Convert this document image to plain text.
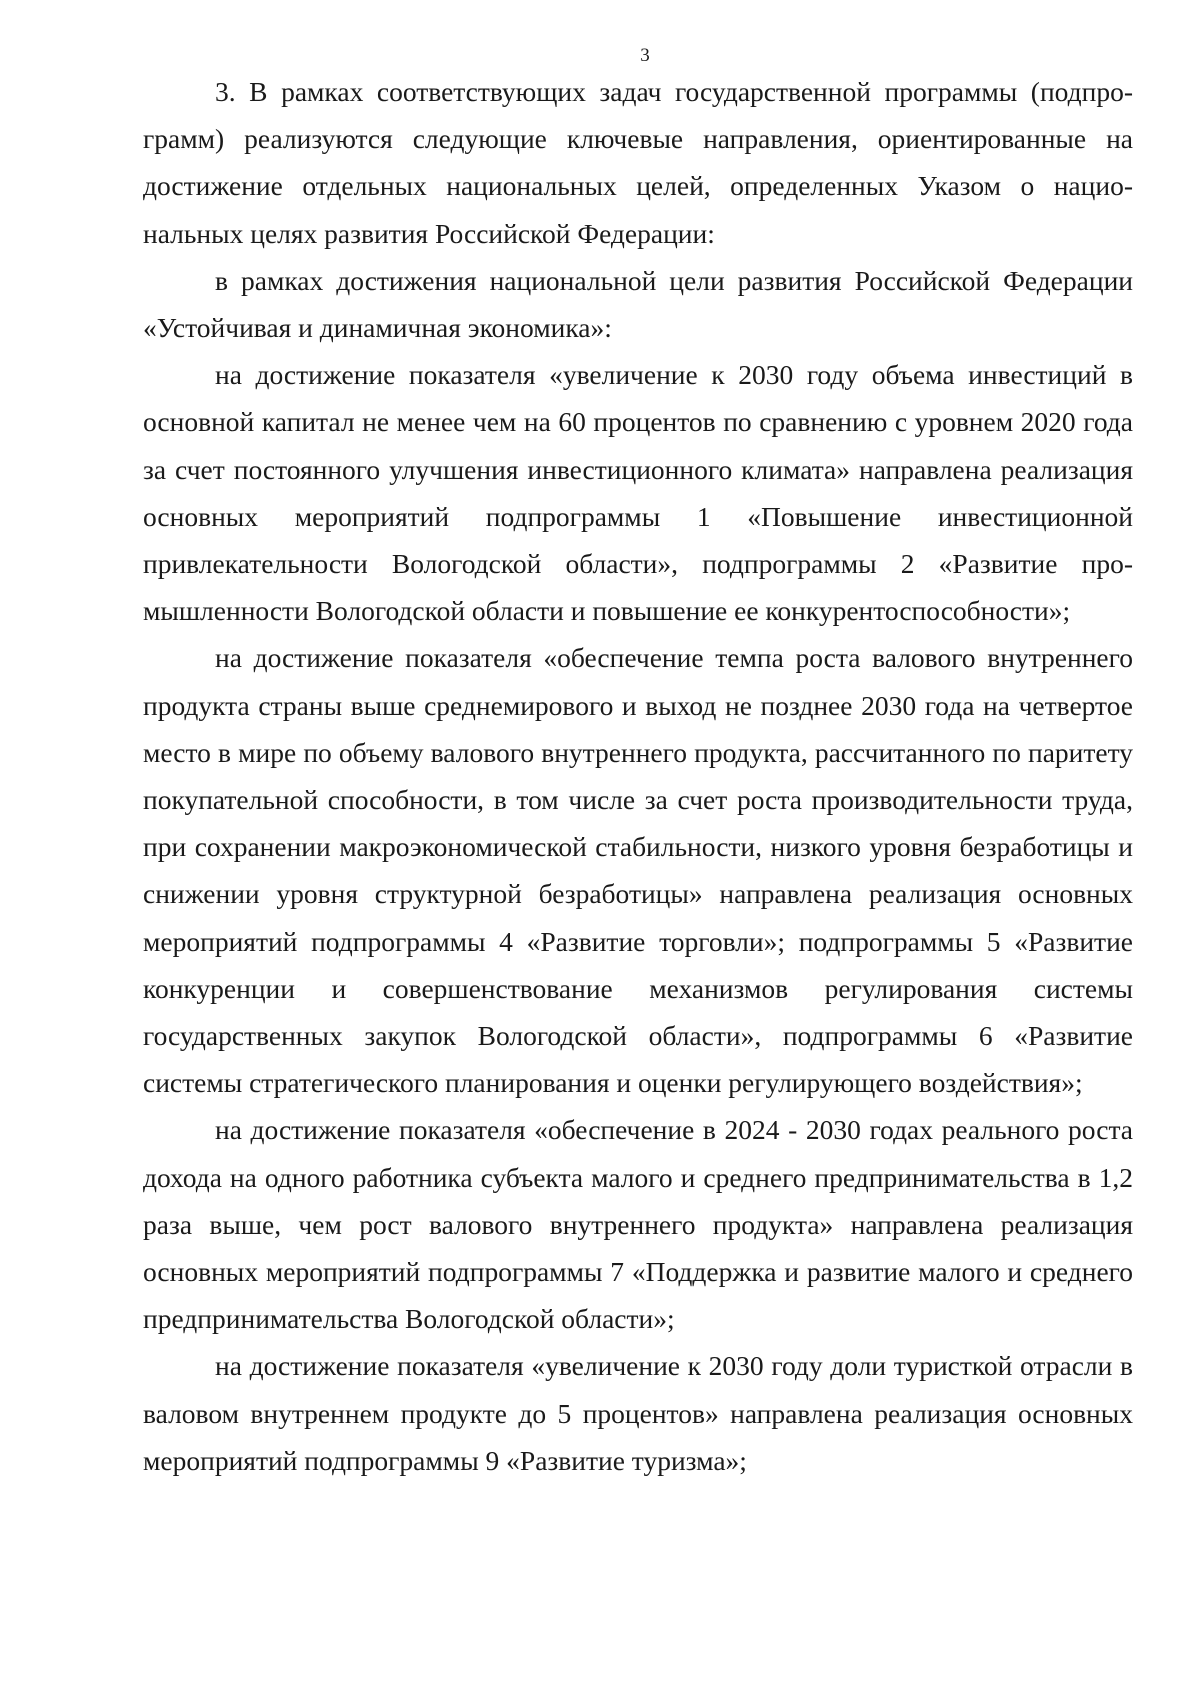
3

3. В рамках соответствующих задач государственной программы (подпрограмм) реализуются следующие ключевые направления, ориентированные на достижение отдельных национальных целей, определенных Указом о национальных целях развития Российской Федерации:

в рамках достижения национальной цели развития Российской Федерации «Устойчивая и динамичная экономика»:

на достижение показателя «увеличение к 2030 году объема инвестиций в основной капитал не менее чем на 60 процентов по сравнению с уровнем 2020 года за счет постоянного улучшения инвестиционного климата» направлена реализация основных мероприятий подпрограммы 1 «Повышение инвестиционной привлекательности Вологодской области», подпрограммы 2 «Развитие промышленности Вологодской области и повышение ее конкурентоспособности»;

на достижение показателя «обеспечение темпа роста валового внутреннего продукта страны выше среднемирового и выход не позднее 2030 года на четвертое место в мире по объему валового внутреннего продукта, рассчитанного по паритету покупательной способности, в том числе за счет роста производительности труда, при сохранении макроэкономической стабильности, низкого уровня безработицы и снижении уровня структурной безработицы» направлена реализация основных мероприятий подпрограммы 4 «Развитие торговли»; подпрограммы 5 «Развитие конкуренции и совершенствование механизмов регулирования системы государственных закупок Вологодской области», подпрограммы 6 «Развитие системы стратегического планирования и оценки регулирующего воздействия»;

на достижение показателя «обеспечение в 2024 - 2030 годах реального роста дохода на одного работника субъекта малого и среднего предпринимательства в 1,2 раза выше, чем рост валового внутреннего продукта» направлена реализация основных мероприятий подпрограммы 7 «Поддержка и развитие малого и среднего предпринимательства Вологодской области»;

на достижение показателя «увеличение к 2030 году доли туристкой отрасли в валовом внутреннем продукте до 5 процентов» направлена реализация основных мероприятий подпрограммы 9 «Развитие туризма»;
